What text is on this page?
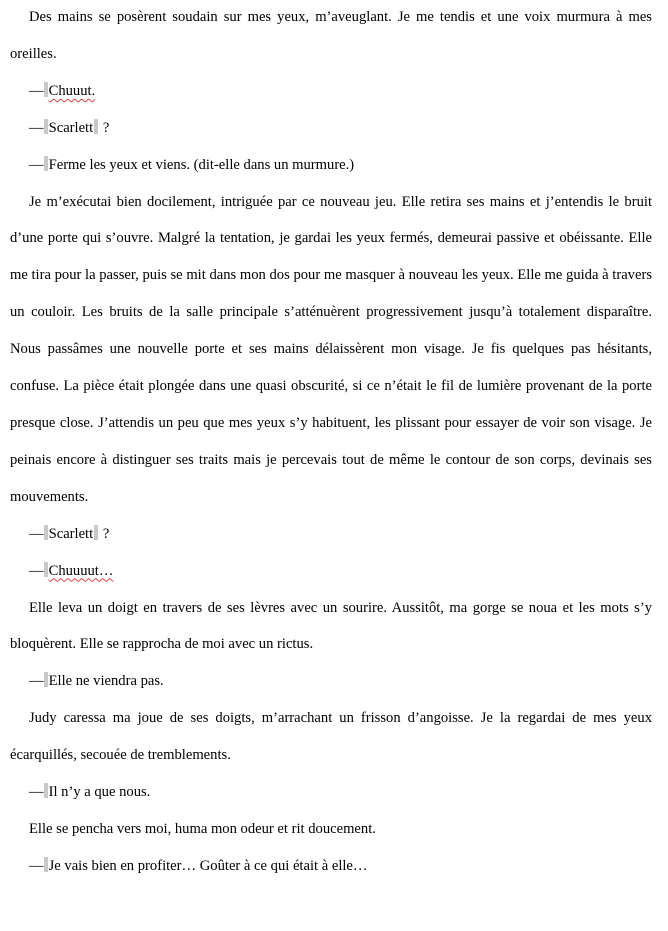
Des mains se posèrent soudain sur mes yeux, m’aveuglant. Je me tendis et une voix murmura à mes oreilles.

— Chuuut.

— Scarlett ?

— Ferme les yeux et viens. (dit-elle dans un murmure.)

Je m’exécutai bien docilement, intriguée par ce nouveau jeu. Elle retira ses mains et j’entendis le bruit d’une porte qui s’ouvre. Malgré la tentation, je gardai les yeux fermés, demeurai passive et obéissante. Elle me tira pour la passer, puis se mit dans mon dos pour me masquer à nouveau les yeux. Elle me guida à travers un couloir. Les bruits de la salle principale s’atténuèrent progressivement jusqu’à totalement disparaître. Nous passâmes une nouvelle porte et ses mains délaissèrent mon visage. Je fis quelques pas hésitants, confuse. La pièce était plongée dans une quasi obscurité, si ce n’était le fil de lumière provenant de la porte presque close. J’attendis un peu que mes yeux s’y habituent, les plissant pour essayer de voir son visage. Je peinais encore à distinguer ses traits mais je percevais tout de même le contour de son corps, devinais ses mouvements.

— Scarlett ?

— Chuuuut…

Elle leva un doigt en travers de ses lèvres avec un sourire. Aussitôt, ma gorge se noua et les mots s’y bloquèrent. Elle se rapprocha de moi avec un rictus.

— Elle ne viendra pas.

Judy caressa ma joue de ses doigts, m’arrachant un frisson d’angoisse. Je la regardai de mes yeux écarquillés, secouée de tremblements.

— Il n’y a que nous.

Elle se pencha vers moi, huma mon odeur et rit doucement.

— Je vais bien en profiter… Goûter à ce qui était à elle…
